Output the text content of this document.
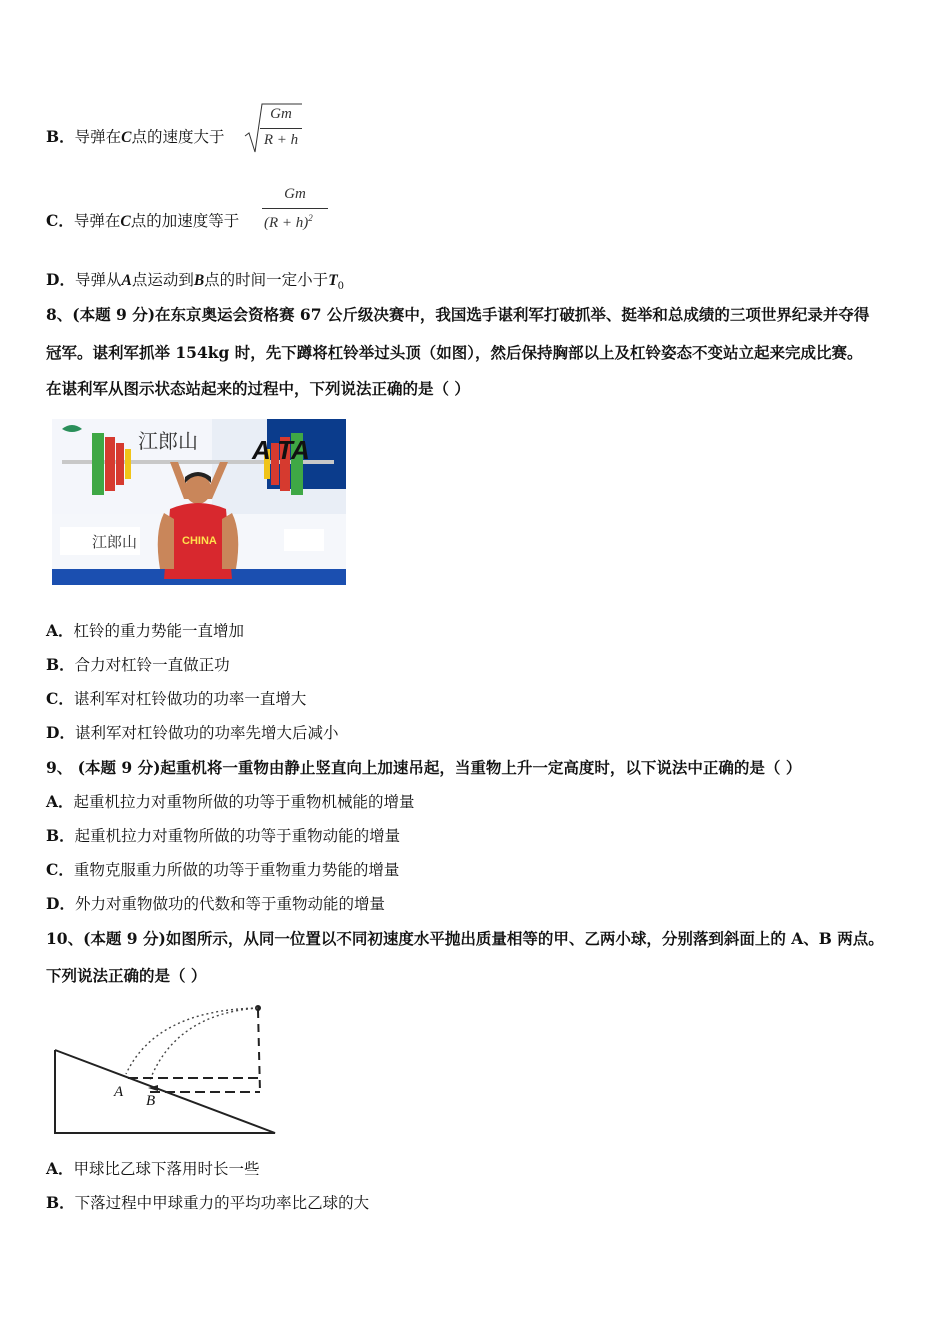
B．导弹在C点的速度大于
Gm
R + h
C．导弹在C点的加速度等于
Gm
$(R + h)^2$
D．导弹从A点运动到B点的时间一定小于$T_0$
8、(本题 9 分)在东京奥运会资格赛 67 公斤级决赛中，我国选手谌利军打破抓举、挺举和总成绩的三项世界纪录并夺得
冠军。谌利军抓举 154kg 时，先下蹲将杠铃举过头顶（如图），然后保持胸部以上及杠铃姿态不变站立起来完成比赛。
在谌利军从图示状态站起来的过程中，下列说法正确的是（ ）
江郎山 A TA
CHINA
江郎山
A．杠铃的重力势能一直增加
B．合力对杠铃一直做正功
C．谌利军对杠铃做功的功率一直增大
D．谌利军对杠铃做功的功率先增大后减小
9、 (本题 9 分)起重机将一重物由静止竖直向上加速吊起，当重物上升一定高度时，以下说法中正确的是（ ）
A．起重机拉力对重物所做的功等于重物机械能的增量
B．起重机拉力对重物所做的功等于重物动能的增量
C．重物克服重力所做的功等于重物重力势能的增量
D．外力对重物做功的代数和等于重物动能的增量
10、(本题 9 分)如图所示，从同一位置以不同初速度水平抛出质量相等的甲、乙两小球，分别落到斜面上的 A、B 两点。
下列说法正确的是（ ）
A
B
A．甲球比乙球下落用时长一些
B．下落过程中甲球重力的平均功率比乙球的大
